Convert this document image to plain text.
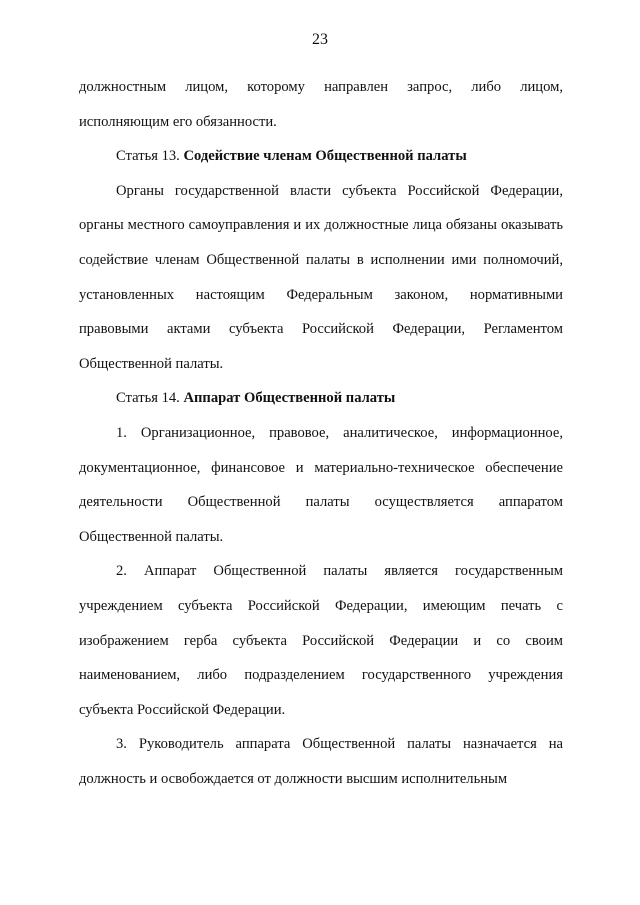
23

должностным лицом, которому направлен запрос, либо лицом, исполняющим его обязанности.

Статья 13. Содействие членам Общественной палаты

Органы государственной власти субъекта Российской Федерации, органы местного самоуправления и их должностные лица обязаны оказывать содействие членам Общественной палаты в исполнении ими полномочий, установленных настоящим Федеральным законом, нормативными правовыми актами субъекта Российской Федерации, Регламентом Общественной палаты.

Статья 14. Аппарат Общественной палаты

1. Организационное, правовое, аналитическое, информационное, документационное, финансовое и материально-техническое обеспечение деятельности Общественной палаты осуществляется аппаратом Общественной палаты.

2. Аппарат Общественной палаты является государственным учреждением субъекта Российской Федерации, имеющим печать с изображением герба субъекта Российской Федерации и со своим наименованием, либо подразделением государственного учреждения субъекта Российской Федерации.

3. Руководитель аппарата Общественной палаты назначается на должность и освобождается от должности высшим исполнительным
